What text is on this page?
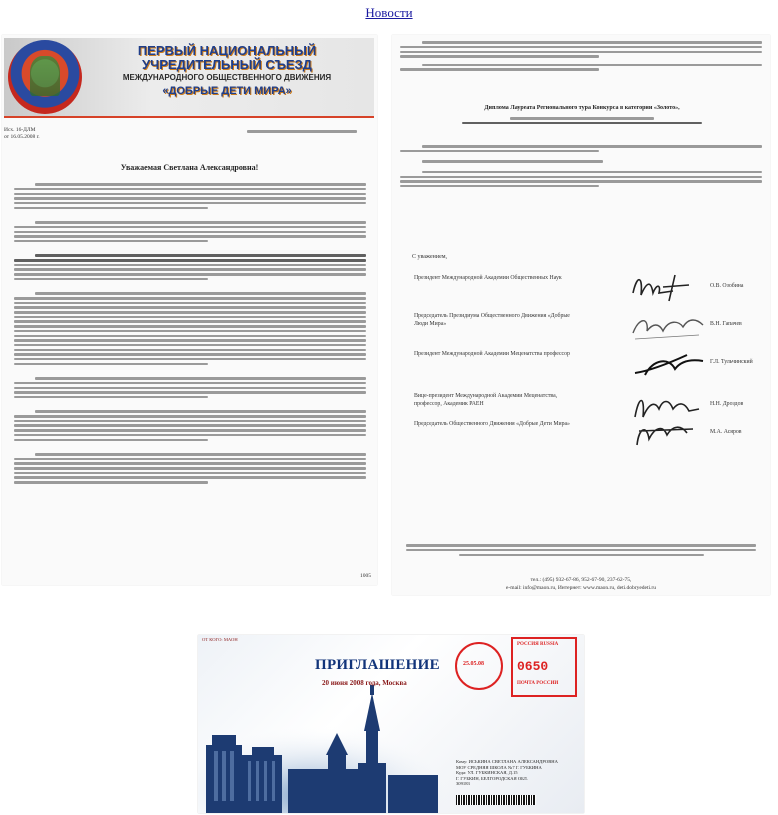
Новости
ПЕРВЫЙ НАЦИОНАЛЬНЫЙ
УЧРЕДИТЕЛЬНЫЙ СЪЕЗД
МЕЖДУНАРОДНОГО ОБЩЕСТВЕННОГО ДВИЖЕНИЯ
«ДОБРЫЕ ДЕТИ МИРА»
Исх. 16-ДЛМ
от 16.05.2008 г.
Уважаемая Светлана Александровна!
1005
Диплома Лауреата Регионального тура Конкурса в категории «Золото»,
С уважением,
Президент Международной Академии Общественных Наук
О.В. Озобина
Председатель Президиума Общественного Движения «Добрые Люди Мира»	В.Н. Гапачев
Президент Международной Академии Меценатства профессор
Г.Л. Тульчинский
Вице-президент Международной Академии Меценатства, профессор, Академик РАЕН	Н.Н. Дроздов
Председатель Общественного Движения «Добрые Дети Мира»
М.А. Асяров
тел.: (495) 932-67-86, 952-67-90, 237-62-75,
e-mail: info@maon.ru, Интернет: www.maon.ru, deti.dobryedeti.ru
ОТ КОГО: МАОН
ПРИГЛАШЕНИЕ
20 июня 2008 года, Москва
25.05.08
РОССИЯ RUSSIA
0650
ПОЧТА РОССИИ
Кому: ИСЬКИНА СВЕТЛАНА АЛЕКСАНДРОВНА
МОУ СРЕДНЯЯ ШКОЛА №7 Г. ГУБКИНА
Куда: УЛ. ГУБКИНСКАЯ, Д.15
Г. ГУБКИН, БЕЛГОРОДСКАЯ ОБЛ.
309183
